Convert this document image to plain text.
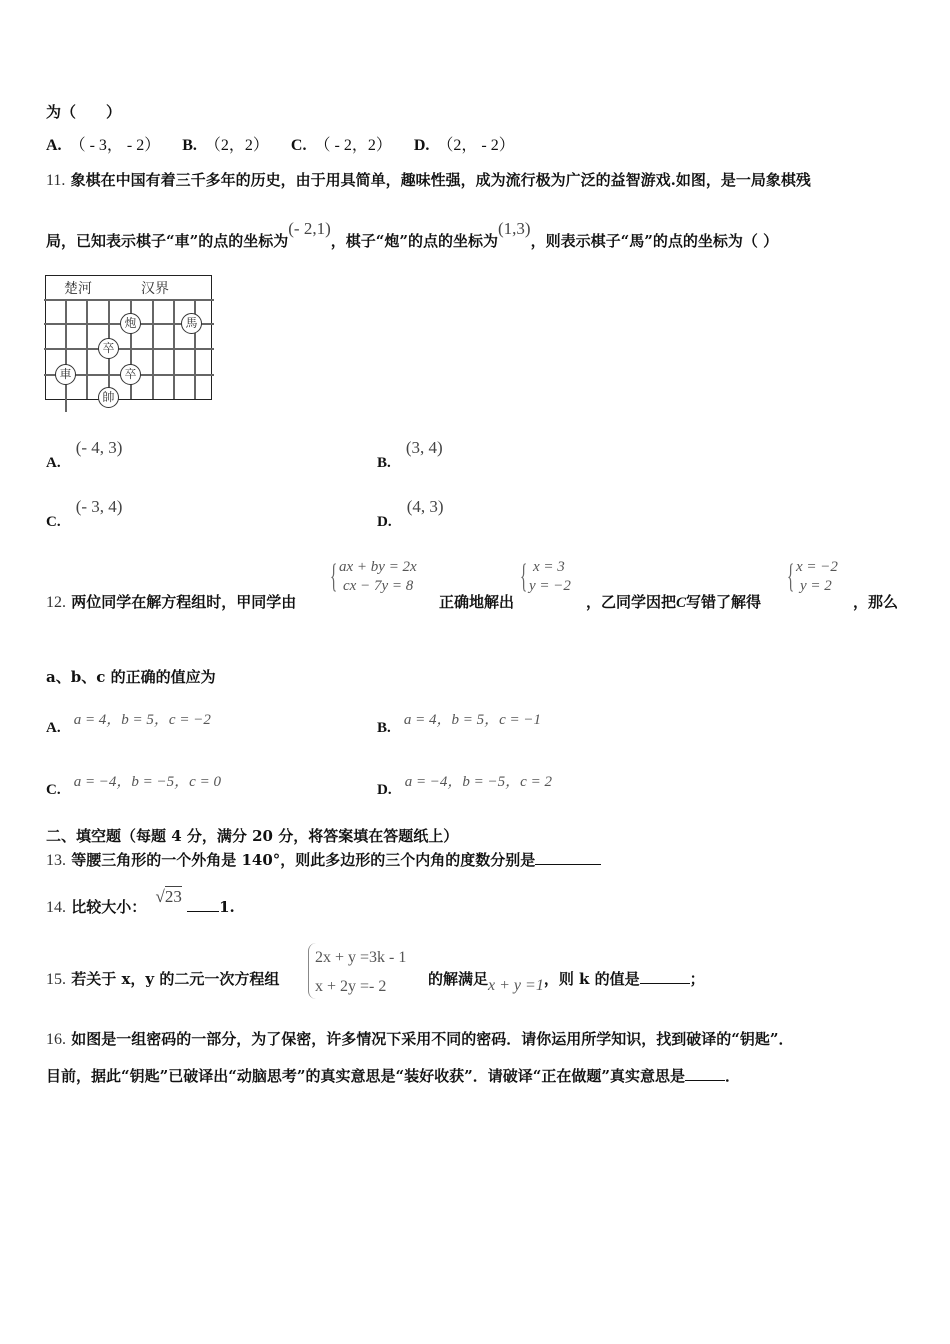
为（　　）
A. （ - 3， - 2） B. （2，2） C. （ - 2，2） D. （2， - 2）
11. 象棋在中国有着三千多年的历史，由于用具简单，趣味性强，成为流行极为广泛的益智游戏.如图，是一局象棋残
局，已知表示棋子“車”的点的坐标为(- 2,1)，棋子“炮”的点的坐标为(1,3)，则表示棋子“馬”的点的坐标为（ ）
楚河	汉界
炮	馬
卒
車	卒
帥
A. (- 4, 3)
B. (3, 4)
C. (- 3, 4)
D. (4, 3)
12. 两位同学在解方程组时，甲同学由
{ ax + by = 2x
cx − 7y = 8
正确地解出
{ x = 3
y = −2
，乙同学因把C写错了解得
{ x = −2
y = 2
，那么
a、b、c 的正确的值应为
A. a = 4，b = 5，c = −2	B. a = 4，b = 5，c = −1
C. a = −4，b = −5，c = 0	D. a = −4，b = −5，c = 2
二、填空题（每题 4 分，满分 20 分，将答案填在答题纸上）
13. 等腰三角形的一个外角是 140°，则此多边形的三个内角的度数分别是
14. 比较大小： √23 1.
15. 若关于 x，y 的二元一次方程组
2x + y =3k - 1
x + 2y =- 2	的解满足x + y =1，则 k 的值是	；
16. 如图是一组密码的一部分，为了保密，许多情况下采用不同的密码．请你运用所学知识，找到破译的“钥匙”．
目前，据此“钥匙”已破译出“动脑思考”的真实意思是“装好收获”．请破译“正在做题”真实意思是	．
